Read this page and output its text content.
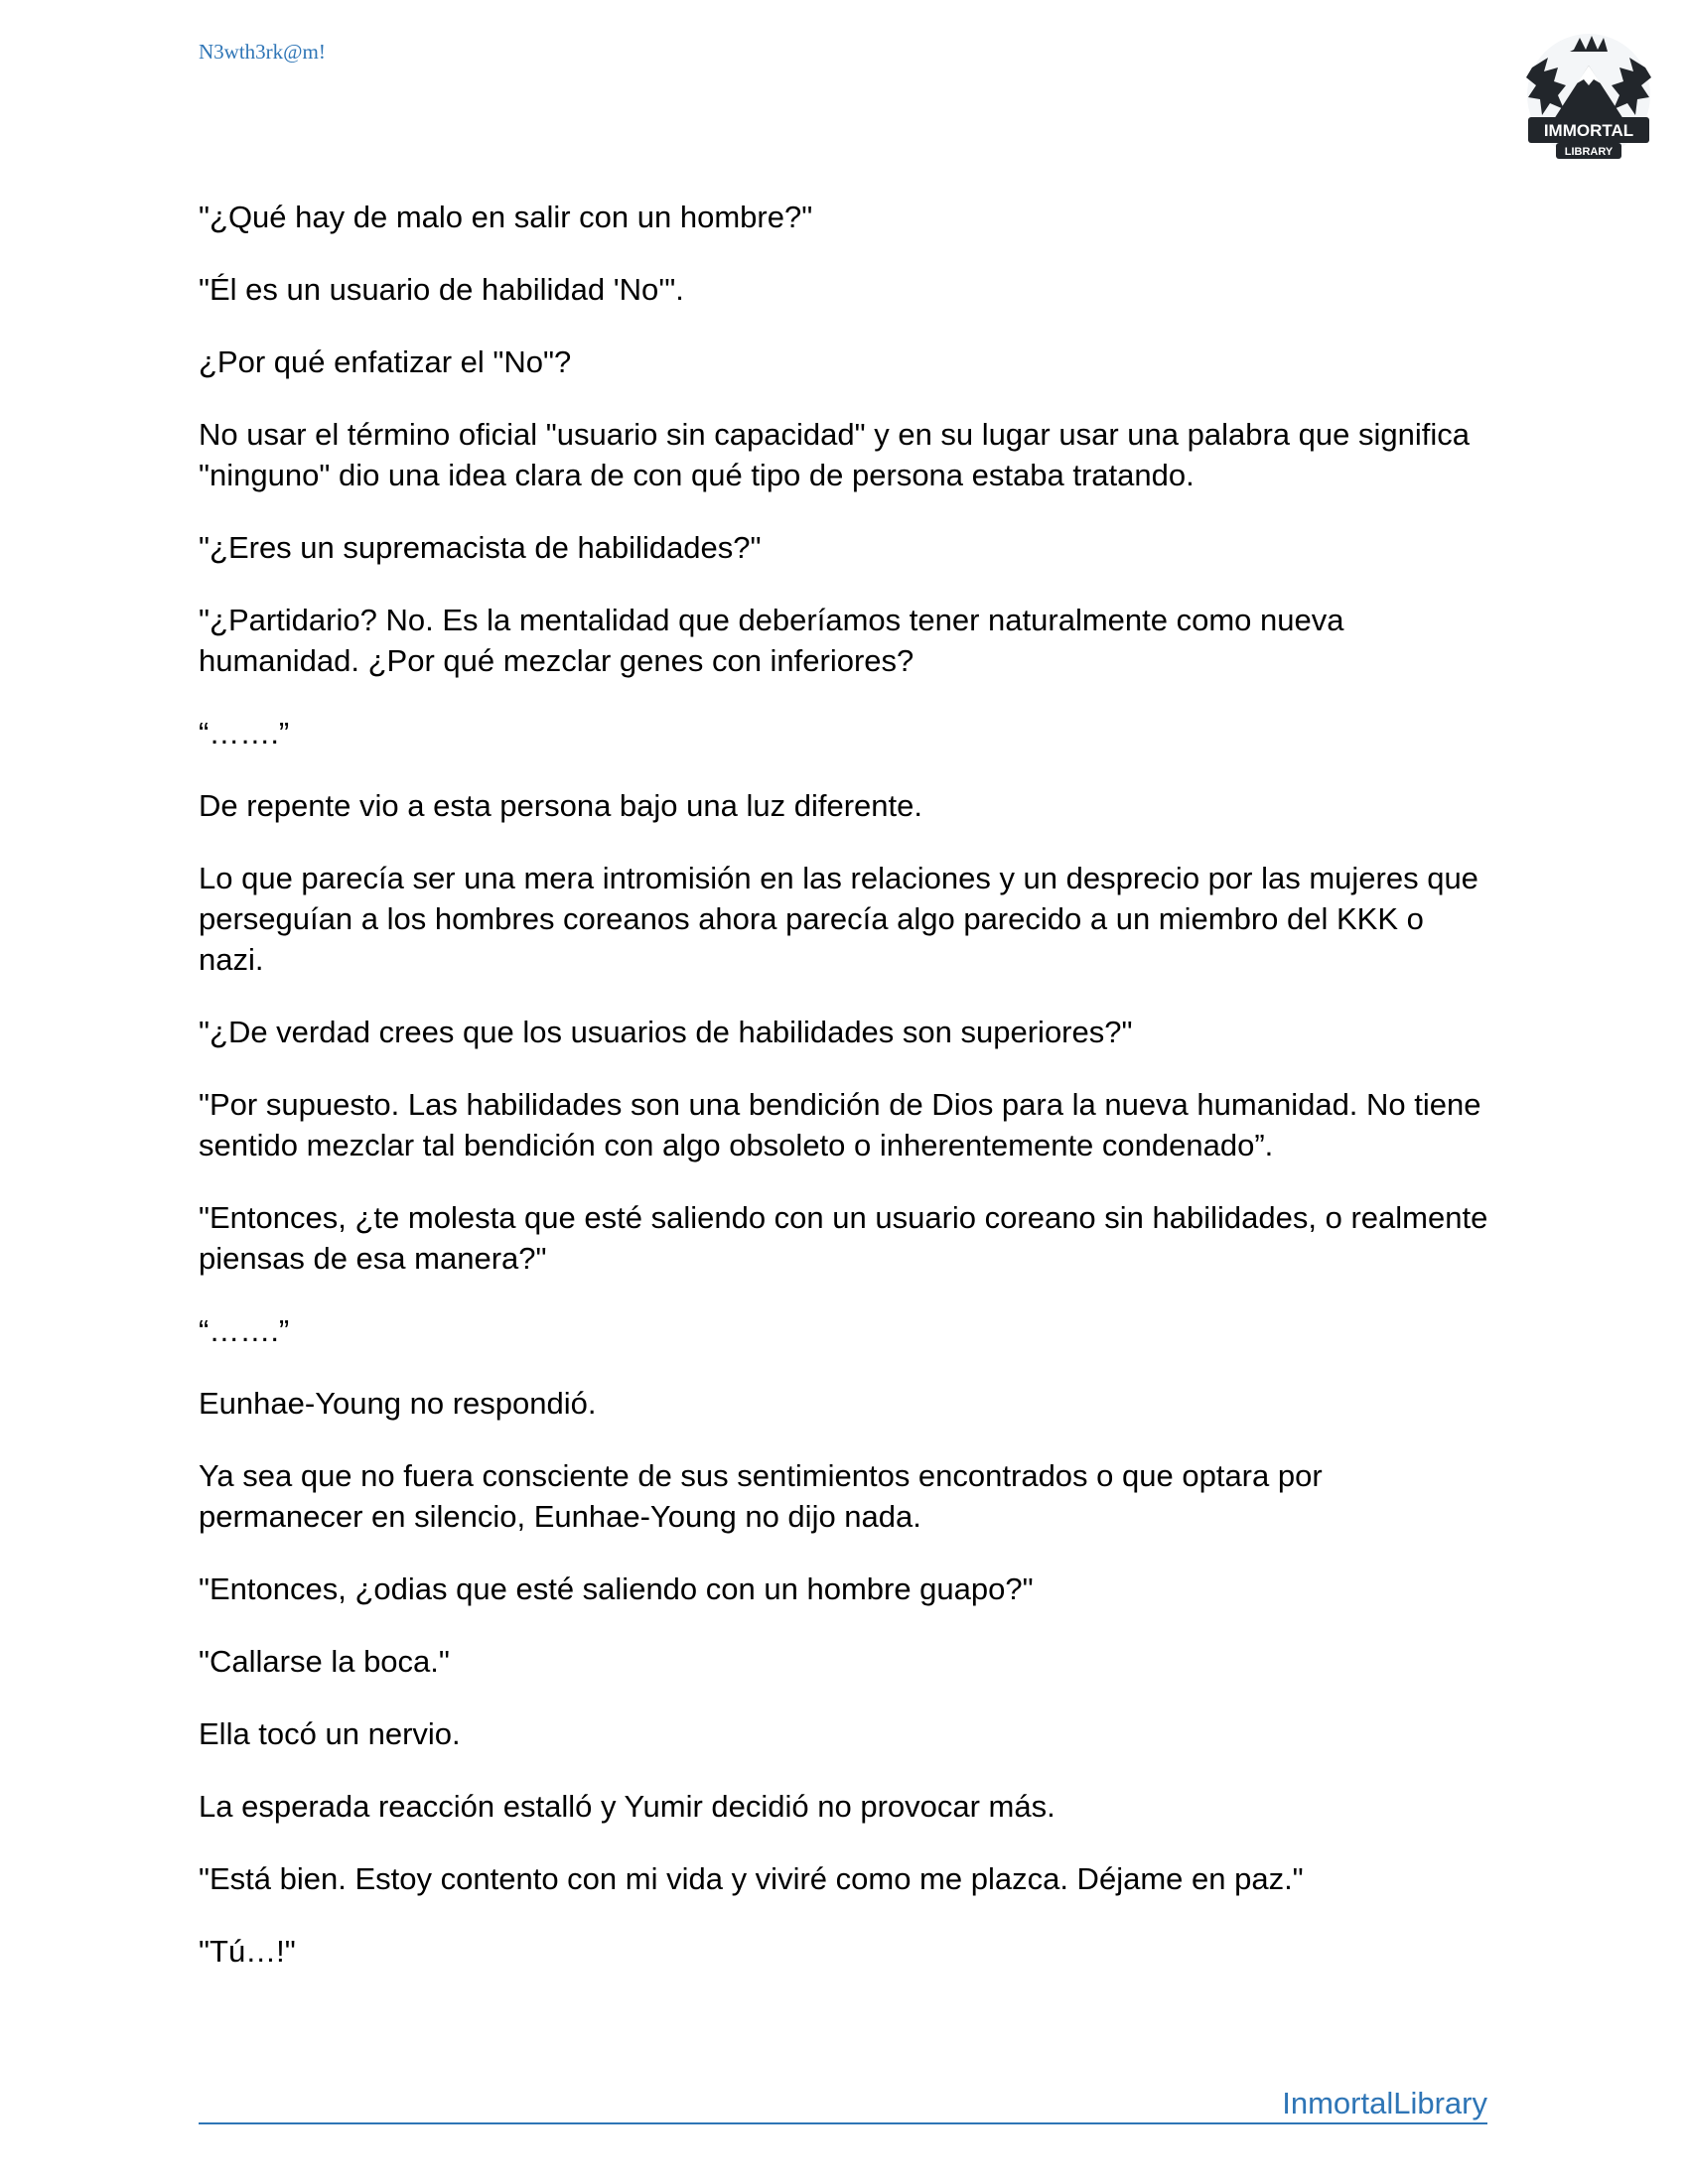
N3wth3rk@m!
IMMORTAL
LIBRARY

"¿Qué hay de malo en salir con un hombre?"

"Él es un usuario de habilidad 'No'".

¿Por qué enfatizar el "No"?

No usar el término oficial "usuario sin capacidad" y en su lugar usar una palabra que significa "ninguno" dio una idea clara de con qué tipo de persona estaba tratando.

"¿Eres un supremacista de habilidades?"

"¿Partidario? No. Es la mentalidad que deberíamos tener naturalmente como nueva humanidad. ¿Por qué mezclar genes con inferiores?

“…….”

De repente vio a esta persona bajo una luz diferente.

Lo que parecía ser una mera intromisión en las relaciones y un desprecio por las mujeres que perseguían a los hombres coreanos ahora parecía algo parecido a un miembro del KKK o nazi.

"¿De verdad crees que los usuarios de habilidades son superiores?"

"Por supuesto. Las habilidades son una bendición de Dios para la nueva humanidad. No tiene sentido mezclar tal bendición con algo obsoleto o inherentemente condenado”.

"Entonces, ¿te molesta que esté saliendo con un usuario coreano sin habilidades, o realmente piensas de esa manera?"

“…….”

Eunhae-Young no respondió.

Ya sea que no fuera consciente de sus sentimientos encontrados o que optara por permanecer en silencio, Eunhae-Young no dijo nada.

"Entonces, ¿odias que esté saliendo con un hombre guapo?"

"Callarse la boca."

Ella tocó un nervio.

La esperada reacción estalló y Yumir decidió no provocar más.

"Está bien. Estoy contento con mi vida y viviré como me plazca. Déjame en paz."

"Tú…!"

InmortalLibrary
